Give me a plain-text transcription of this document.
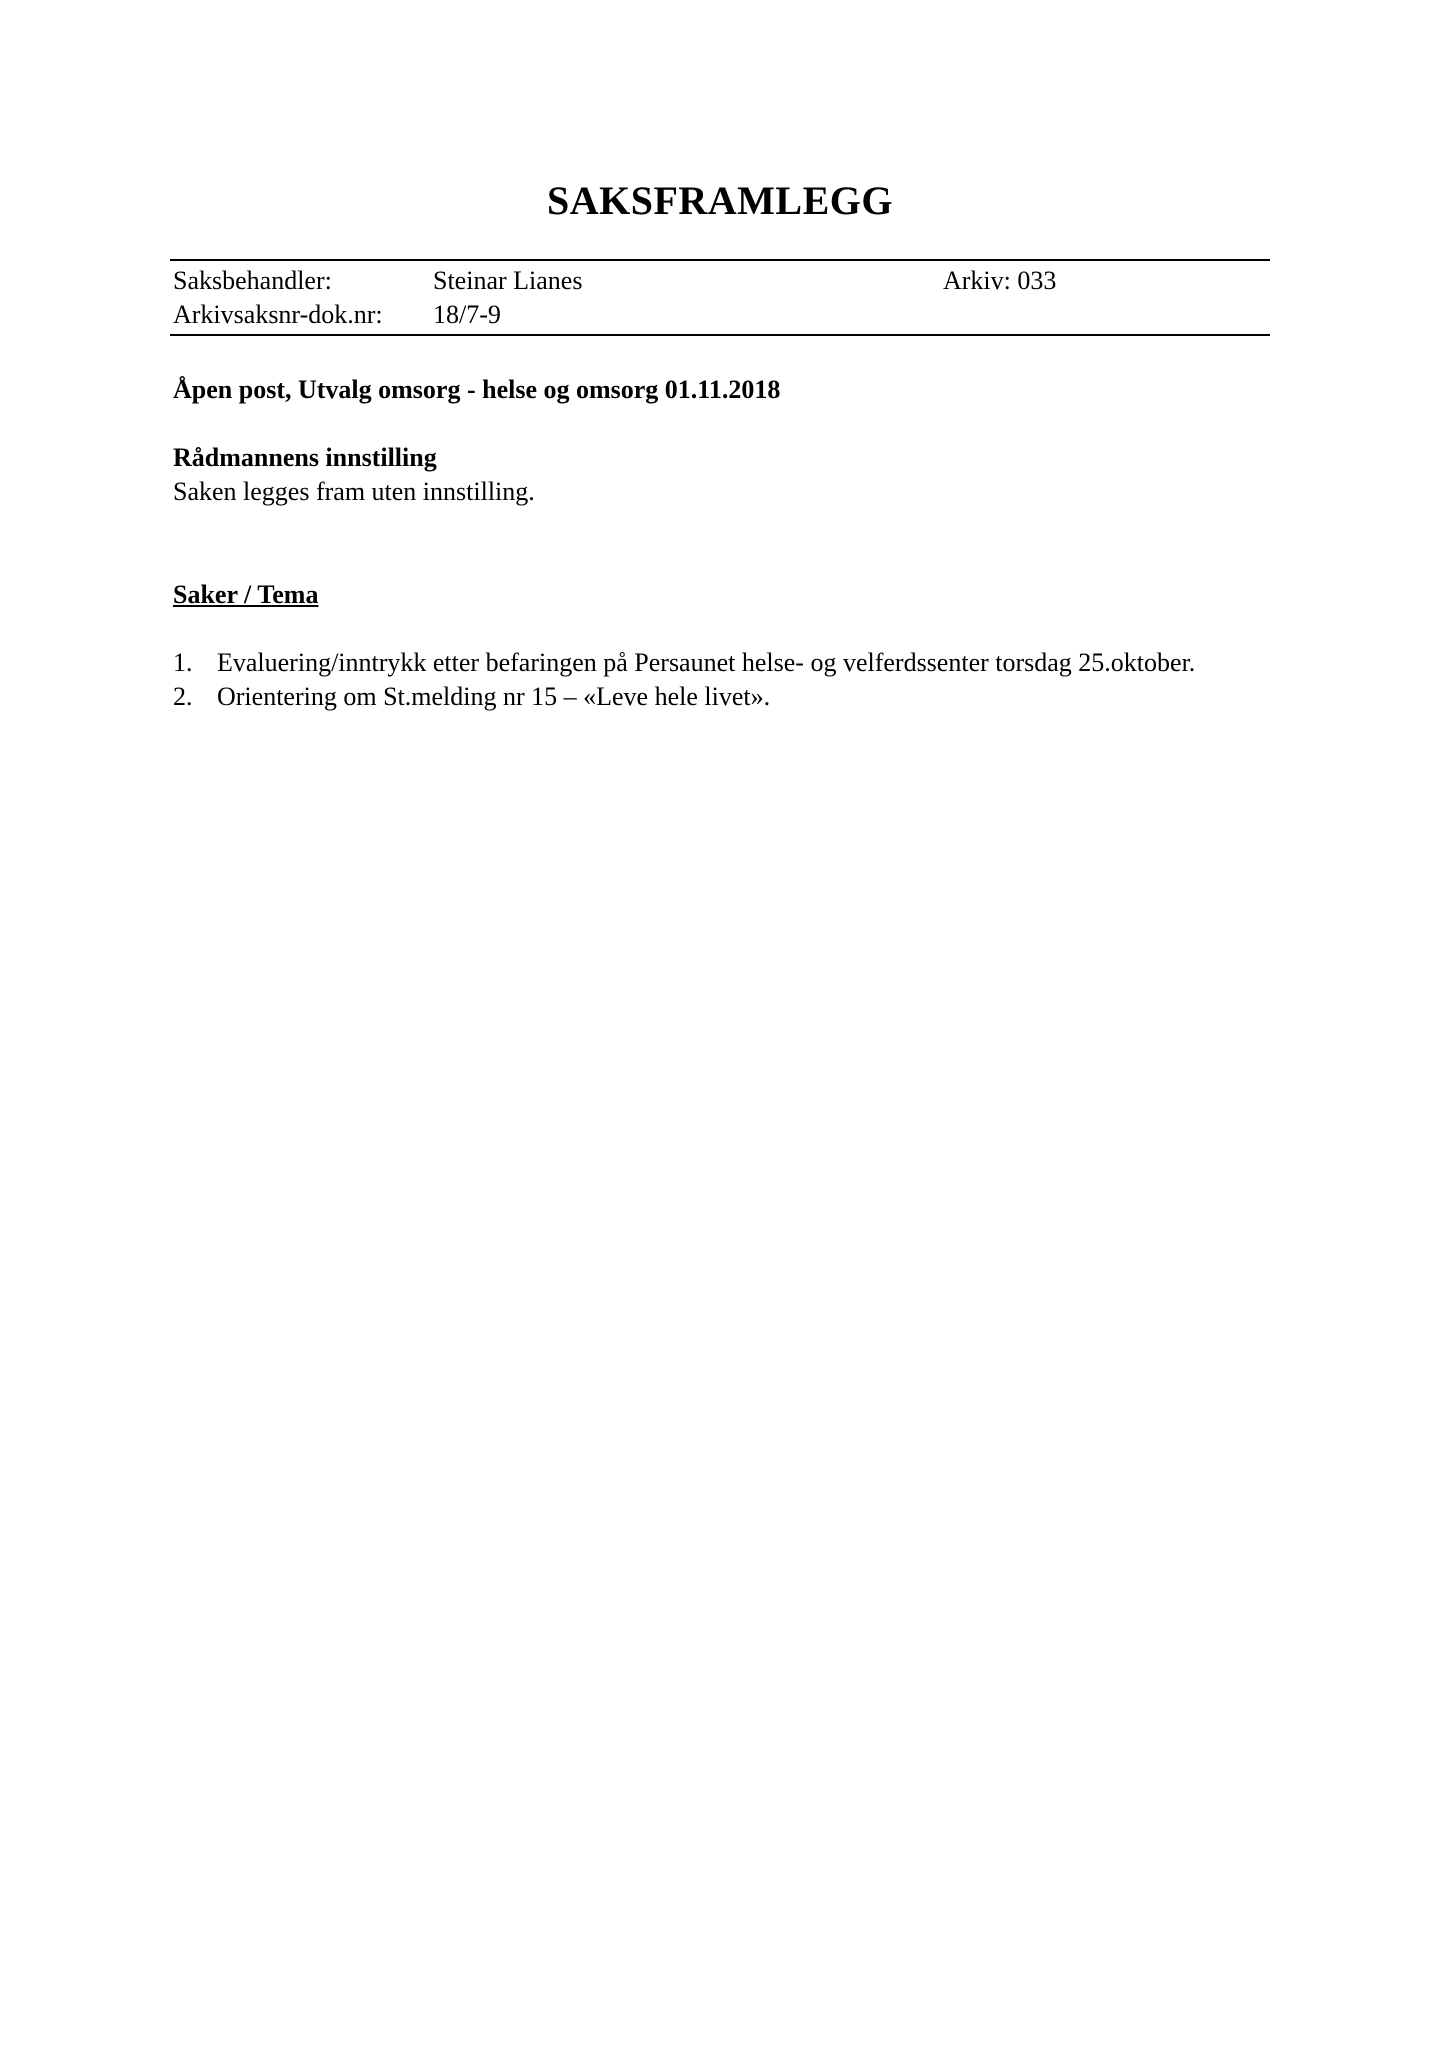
SAKSFRAMLEGG
Saksbehandler:	Steinar Lianes	Arkiv: 033
Arkivsaksnr-dok.nr: 18/7-9
Åpen post, Utvalg omsorg - helse og omsorg 01.11.2018
Rådmannens innstilling
Saken legges fram uten innstilling.
Saker / Tema
1. Evaluering/inntrykk etter befaringen på Persaunet helse- og velferdssenter torsdag 25.oktober.
2. Orientering om St.melding nr 15 – «Leve hele livet».
